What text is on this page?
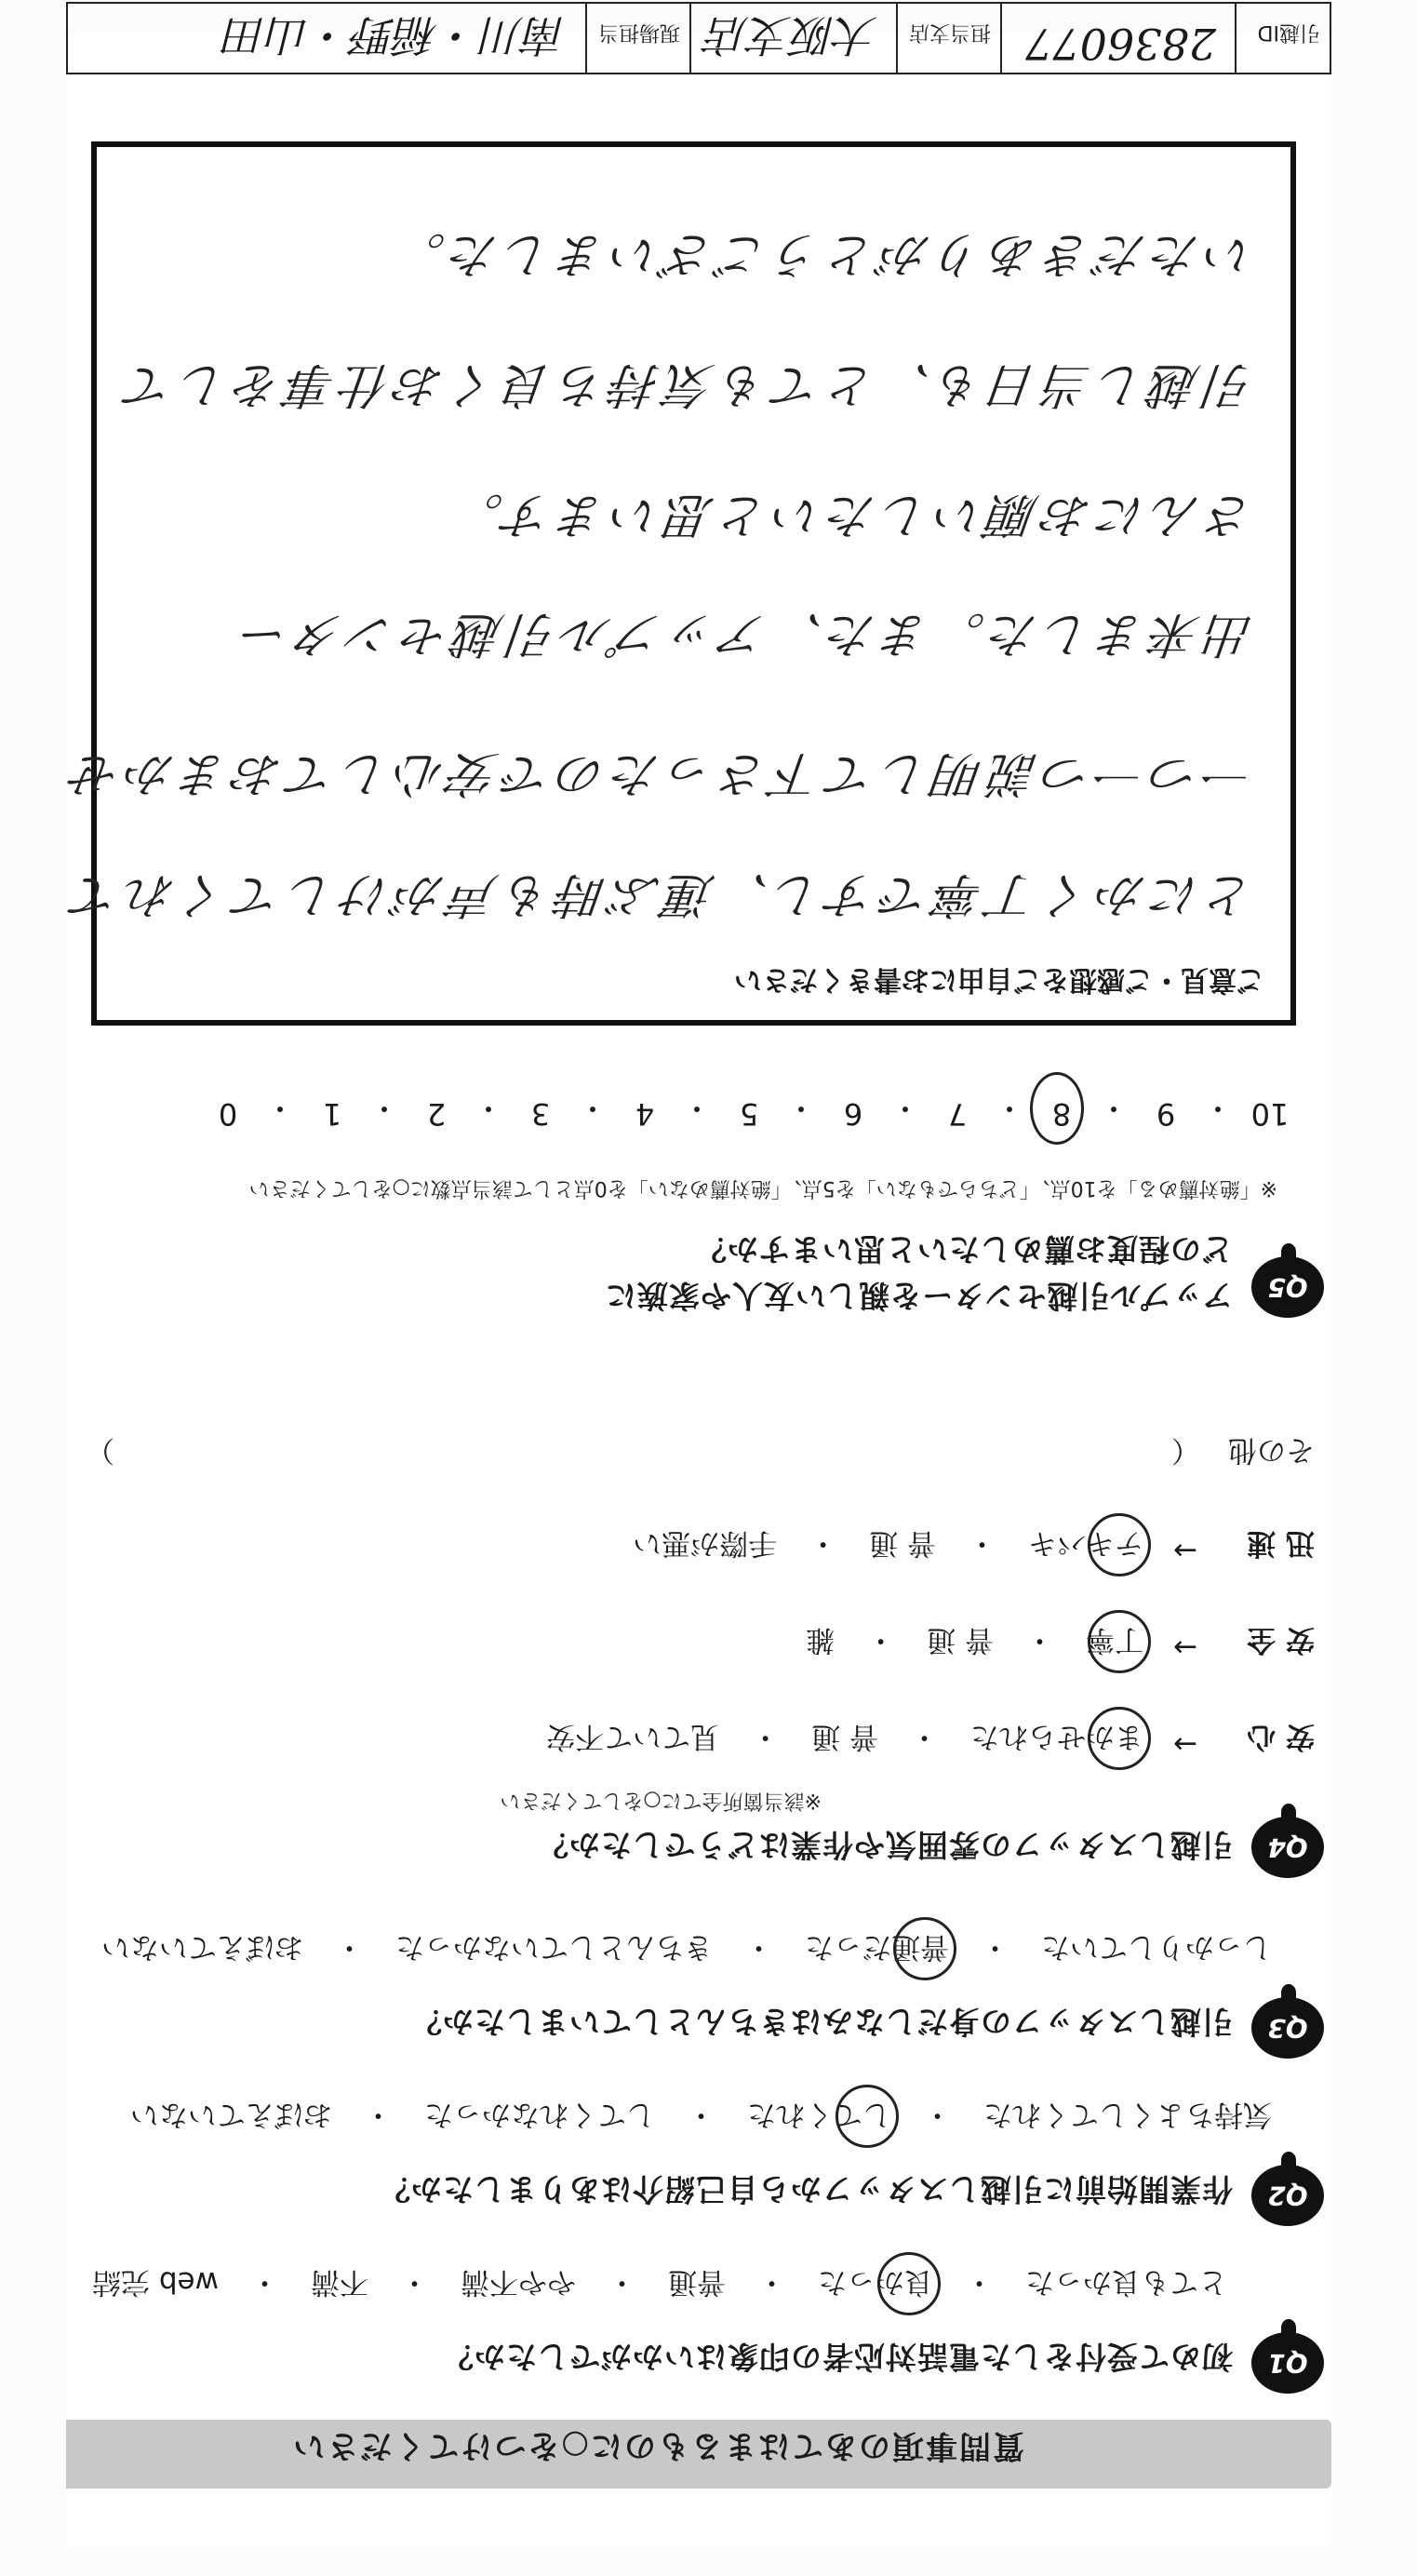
質問事項のあてはまるものに○をつけてください
Q1
初めて受付をした電話対応者の印象はいかがでしたか？
とても良かった
・
良かった
・
普通
・
やや不満
・
不満
・
web 完結
Q2
作業開始前に引越しスタッフから自己紹介はありましたか？
気持ちよくしてくれた
・
してくれた
・
してくれなかった
・
おぼえていない
Q3
引越しスタッフの身だしなみはきちんとしていましたか？
しっかりしていた
・
普通だった
・
きちんとしていなかった
・
おぼえていない
Q4
引越しスタッフの雰囲気や作業はどうでしたか？
※該当箇所全てに○をしてください
安 心
→
まかせられた
・
普 通
・
見ていて不安
安 全
→
丁寧
・
普 通
・
雑
迅 速
→
テキパキ
・
普 通
・
手際が悪い
その他
（
）
Q5
アップル引越センターを親しい友人や家族に
どの程度お薦めしたいと思いますか？
※「絶対薦める」を10点、「どちらでもない」を5点、「絶対薦めない」を0点として該当点数に○をしてください
10
・
9
・
8
・
7
・
6
・
5
・
4
・
3
・
2
・
1
・
0
ご意見・ご感想をご自由にお書きください
とにかく丁寧ですし、運ぶ時も声がけしてくれて
一つ一つ説明して下さったので安心しておまかせ
出来ました。また、アップル引越センター
さんにお願いしたいと思います。
引越し当日も、とても気持ち良くお仕事をして
いただきありがとうございました。
引越ID
2836077
担当支店
大阪支店
現場担当
南川・稲野・山田
